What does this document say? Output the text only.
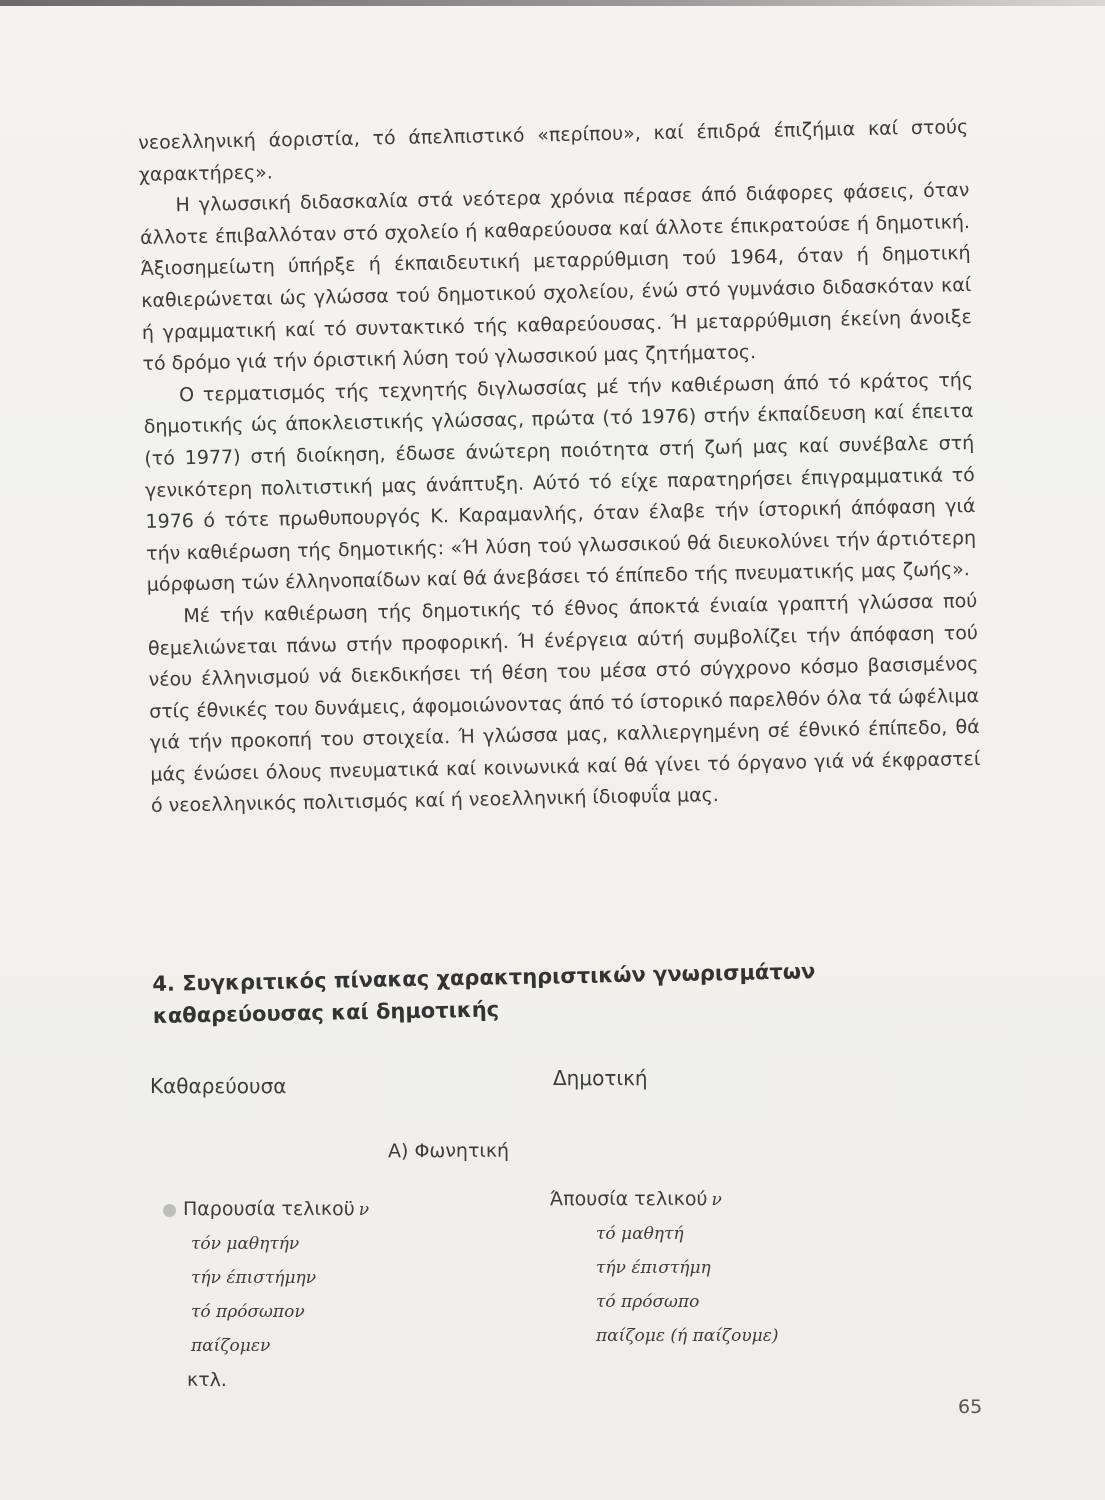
νεοελληνική άοριστία, τό άπελπιστικό «περίπου», καί έπιδρά έπιζήμια καί στούς χαρακτήρες».

Η γλωσσική διδασκαλία στά νεότερα χρόνια πέρασε άπό διάφορες φάσεις, όταν άλλοτε έπιβαλλόταν στό σχολείο ή καθαρεύουσα καί άλλοτε έπικρατούσε ή δημοτική. Άξιοσημείωτη ύπήρξε ή έκπαιδευτική μεταρρύθμιση τού 1964, όταν ή δημοτική καθιερώνεται ώς γλώσσα τού δημοτικού σχολείου, ένώ στό γυμνάσιο διδασκόταν καί ή γραμματική καί τό συντακτικό τής καθαρεύουσας. Ή μεταρρύθμιση έκείνη άνοιξε τό δρόμο γιά τήν όριστική λύση τού γλωσσικού μας ζητήματος.

Ο τερματισμός τής τεχνητής διγλωσσίας μέ τήν καθιέρωση άπό τό κράτος τής δημοτικής ώς άποκλειστικής γλώσσας, πρώτα (τό 1976) στήν έκπαίδευση καί έπειτα (τό 1977) στή διοίκηση, έδωσε άνώτερη ποιότητα στή ζωή μας καί συνέβαλε στή γενικότερη πολιτιστική μας άνάπτυξη. Αύτό τό είχε παρατηρήσει έπιγραμματικά τό 1976 ό τότε πρωθυπουργός Κ. Καραμανλής, όταν έλαβε τήν ίστορική άπόφαση γιά τήν καθιέρωση τής δημοτικής: «Ή λύση τού γλωσσικού θά διευκολύνει τήν άρτιότερη μόρφωση τών έλληνοπαίδων καί θά άνεβάσει τό έπίπεδο τής πνευματικής μας ζωής».

Μέ τήν καθιέρωση τής δημοτικής τό έθνος άποκτά ένιαία γραπτή γλώσσα πού θεμελιώνεται πάνω στήν προφορική. Ή ένέργεια αύτή συμβολίζει τήν άπόφαση τού νέου έλληνισμού νά διεκδικήσει τή θέση του μέσα στό σύγχρονο κόσμο βασισμένος στίς έθνικές του δυνάμεις, άφομοιώνοντας άπό τό ίστορικό παρελθόν όλα τά ώφέλιμα γιά τήν προκοπή του στοιχεία. Ή γλώσσα μας, καλλιεργημένη σέ έθνικό έπίπεδο, θά μάς ένώσει όλους πνευματικά καί κοινωνικά καί θά γίνει τό όργανο γιά νά έκφραστεί ό νεοελληνικός πολιτισμός καί ή νεοελληνική ίδιοφυΐα μας.

4. Συγκριτικός πίνακας χαρακτηριστικών γνωρισμάτων καθαρεύουσας καί δημοτικής
Καθαρεύουσα	Δημοτική
Α) Φωνητική
Παρουσία τελικοϋ ν
τόν μαθητήν
τήν έπιστήμην
τό πρόσωπον
παίζομεν
κτλ.
Άπουσία τελικού ν
τό μαθητή
τήν έπιστήμη
τό πρόσωπο
παίζομε (ή παίζουμε)
65
